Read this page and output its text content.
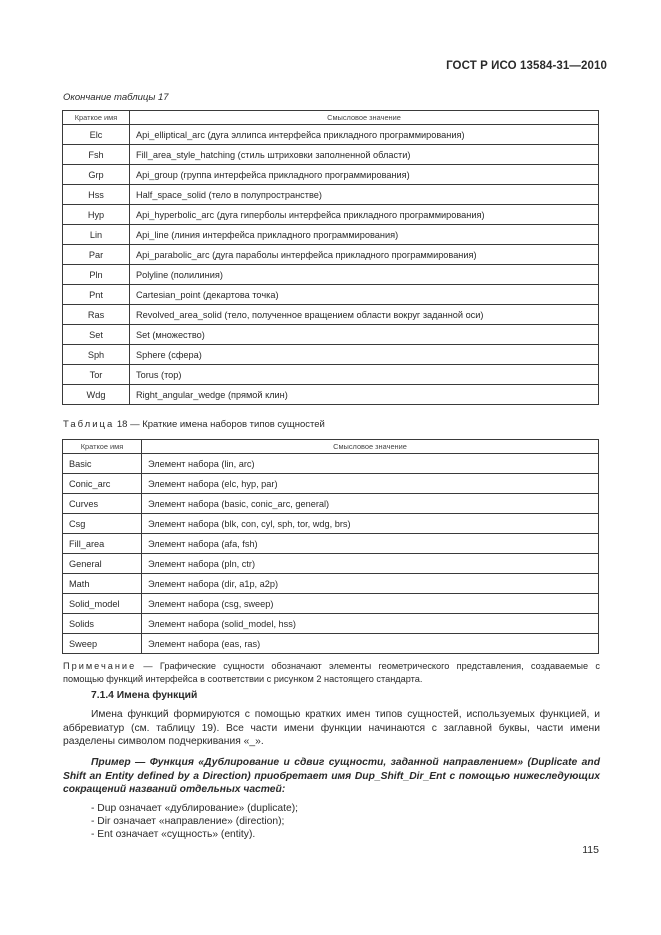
ГОСТ Р ИСО 13584-31—2010
Окончание таблицы 17
Краткое имя	Смысловое значение
Elc	Api_elliptical_arc (дуга эллипса интерфейса прикладного программирования)
Fsh	Fill_area_style_hatching (стиль штриховки заполненной области)
Grp	Api_group (группа интерфейса прикладного программирования)
Hss	Half_space_solid (тело в полупространстве)
Hyp	Api_hyperbolic_arc (дуга гиперболы интерфейса прикладного программирования)
Lin	Api_line (линия интерфейса прикладного программирования)
Par	Api_parabolic_arc (дуга параболы интерфейса прикладного программирования)
Pln	Polyline (полилиния)
Pnt	Cartesian_point (декартова точка)
Ras	Revolved_area_solid (тело, полученное вращением области вокруг заданной оси)
Set	Set (множество)
Sph	Sphere (сфера)
Tor	Torus (тор)
Wdg	Right_angular_wedge (прямой клин)
Таблица 18 — Краткие имена наборов типов сущностей
Краткое имя	Смысловое значение
Basic	Элемент набора (lin, arc)
Conic_arc	Элемент набора (elc, hyp, par)
Curves	Элемент набора (basic, conic_arc, general)
Csg	Элемент набора (blk, con, cyl, sph, tor, wdg, brs)
Fill_area	Элемент набора (afa, fsh)
General	Элемент набора (pln, ctr)
Math	Элемент набора (dir, a1p, a2p)
Solid_model	Элемент набора (csg, sweep)
Solids	Элемент набора (solid_model, hss)
Sweep	Элемент набора (eas, ras)
Примечание — Графические сущности обозначают элементы геометрического представления, создаваемые с помощью функций интерфейса в соответствии с рисунком 2 настоящего стандарта.
7.1.4 Имена функций
Имена функций формируются с помощью кратких имен типов сущностей, используемых функцией, и аббревиатур (см. таблицу 19). Все части имени функции начинаются с заглавной буквы, части имени разделены символом подчеркивания «_».
Пример — Функция «Дублирование и сдвиг сущности, заданной направлением» (Duplicate and Shift an Entity defined by a Direction) приобретает имя Dup_Shift_Dir_Ent с помощью нижеследующих сокращений названий отдельных частей:
- Dup означает «дублирование» (duplicate);
- Dir означает «направление» (direction);
- Ent означает «сущность» (entity).
115
